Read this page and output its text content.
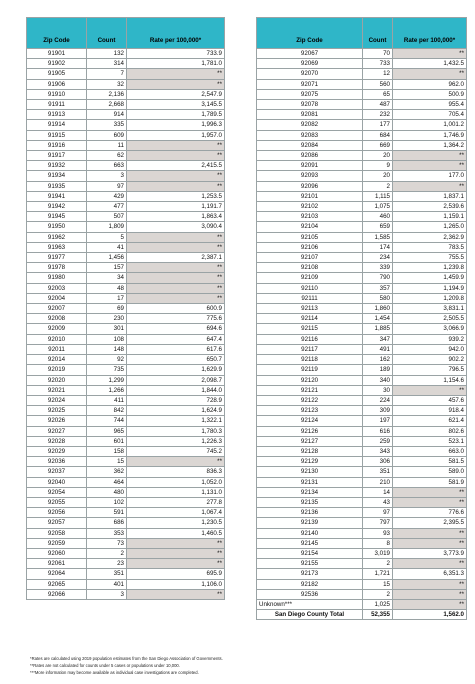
Zip Code	Count	Rate per 100,000*
91901	132	733.9
91902	314	1,781.0
91905	7	**
91906	32	**
91910	2,136	2,547.9
91911	2,668	3,145.5
91913	914	1,789.5
91914	335	1,996.3
91915	609	1,957.0
91916	11	**
91917	62	**
91932	663	2,415.5
91934	3	**
91935	97	**
91941	429	1,253.5
91942	477	1,191.7
91945	507	1,863.4
91950	1,809	3,090.4
91962	5	**
91963	41	**
91977	1,456	2,387.1
91978	157	**
91980	34	**
92003	48	**
92004	17	**
92007	69	600.9
92008	230	775.6
92009	301	694.6
92010	108	647.4
92011	148	617.6
92014	92	650.7
92019	735	1,629.9
92020	1,299	2,098.7
92021	1,266	1,844.0
92024	411	728.9
92025	842	1,624.9
92026	744	1,322.1
92027	965	1,780.3
92028	601	1,226.3
92029	158	745.2
92036	15	**
92037	362	836.3
92040	464	1,052.0
92054	480	1,131.0
92055	102	277.8
92056	591	1,067.4
92057	686	1,230.5
92058	353	1,460.5
92059	73	**
92060	2	**
92061	23	**
92064	351	695.9
92065	401	1,106.0
92066	3	**
Zip Code	Count	Rate per 100,000*
92067	70	**
92069	733	1,432.5
92070	12	**
92071	560	962.0
92075	65	500.9
92078	487	955.4
92081	232	705.4
92082	177	1,001.2
92083	684	1,746.9
92084	669	1,364.2
92086	20	**
92091	9	**
92093	20	177.0
92096	2	**
92101	1,115	1,837.1
92102	1,075	2,539.6
92103	460	1,159.1
92104	659	1,265.0
92105	1,585	2,362.9
92106	174	783.5
92107	234	755.5
92108	339	1,239.8
92109	790	1,459.9
92110	357	1,194.9
92111	580	1,209.8
92113	1,860	3,831.1
92114	1,454	2,505.5
92115	1,885	3,066.9
92116	347	939.2
92117	491	942.0
92118	162	902.2
92119	189	796.5
92120	340	1,154.6
92121	30	**
92122	224	457.6
92123	309	918.4
92124	197	621.4
92126	616	802.6
92127	259	523.1
92128	343	663.0
92129	306	581.5
92130	351	589.0
92131	210	581.9
92134	14	**
92135	43	**
92136	97	776.6
92139	797	2,395.5
92140	93	**
92145	8	**
92154	3,019	3,773.9
92155	2	**
92173	1,721	6,351.3
92182	15	**
92536	2	**
Unknown***	1,025	**
San Diego County Total	52,355	1,562.0
*Rates are calculated using 2019 population estimates from the San Diego Association of Governments.
**Rates are not calculated for counts under 5 cases or populations under 10,000.
***More information may become available as individual case investigations are completed.
